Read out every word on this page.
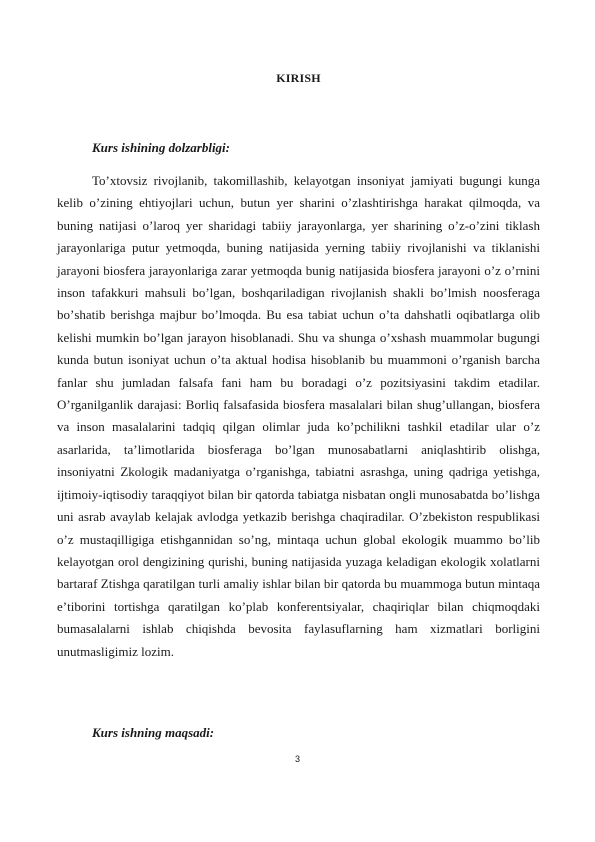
KIRISH
Kurs ishining dolzarbligi:

Toʼxtovsiz rivojlanib, takomillashib, kelayotgan insoniyat jamiyati bugungi kunga kelib oʼzining ehtiyojlari uchun, butun yer sharini oʼzlashtirishga harakat qilmoqda, va buning natijasi oʼlaroq yer sharidagi tabiiy jarayonlarga, yer sharining oʼz-oʼzini tiklash jarayonlariga putur yetmoqda, buning natijasida yerning tabiiy rivojlanishi va tiklanishi jarayoni biosfera jarayonlariga zarar yetmoqda bunig natijasida biosfera jarayoni oʼz oʼrnini inson tafakkuri mahsuli boʼlgan, boshqariladigan rivojlanish shakli boʼlmish noosferaga boʼshatib berishga majbur boʼlmoqda. Bu esa tabiat uchun oʼta dahshatli oqibatlarga olib kelishi mumkin boʼlgan jarayon hisoblanadi. Shu va shunga oʼxshash muammolar bugungi kunda butun isoniyat uchun oʼta aktual hodisa hisoblanib bu muammoni oʼrganish barcha fanlar shu jumladan falsafa fani ham bu boradagi oʼz pozitsiyasini takdim etadilar. Oʼrganilganlik darajasi: Borliq falsafasida biosfera masalalari bilan shugʼullangan, biosfera va inson masalalarini tadqiq qilgan olimlar juda koʼpchilikni tashkil etadilar ular oʼz asarlarida, taʼlimotlarida biosferaga boʼlgan munosabatlarni aniqlashtirib olishga, insoniyatni Zkologik madaniyatga oʼrganishga, tabiatni asrashga, uning qadriga yetishga, ijtimoiy-iqtisodiy taraqqiyot bilan bir qatorda tabiatga nisbatan ongli munosabatda boʼlishga uni asrab avaylab kelajak avlodga yetkazib berishga chaqiradilar. Oʼzbekiston respublikasi oʼz mustaqilligiga etishgannidan soʼng, mintaqa uchun global ekologik muammo boʼlib kelayotgan orol dengizining qurishi, buning natijasida yuzaga keladigan ekologik xolatlarni bartaraf Ztishga qaratilgan turli amaliy ishlar bilan bir qatorda bu muammoga butun mintaqa eʼtiborini tortishga qaratilgan koʼplab konferentsiyalar, chaqiriqlar bilan chiqmoqdaki bumasalalarni ishlab chiqishda bevosita faylasuflarning ham xizmatlari borligini unutmasligimiz lozim.

Kurs ishning maqsadi:
3
